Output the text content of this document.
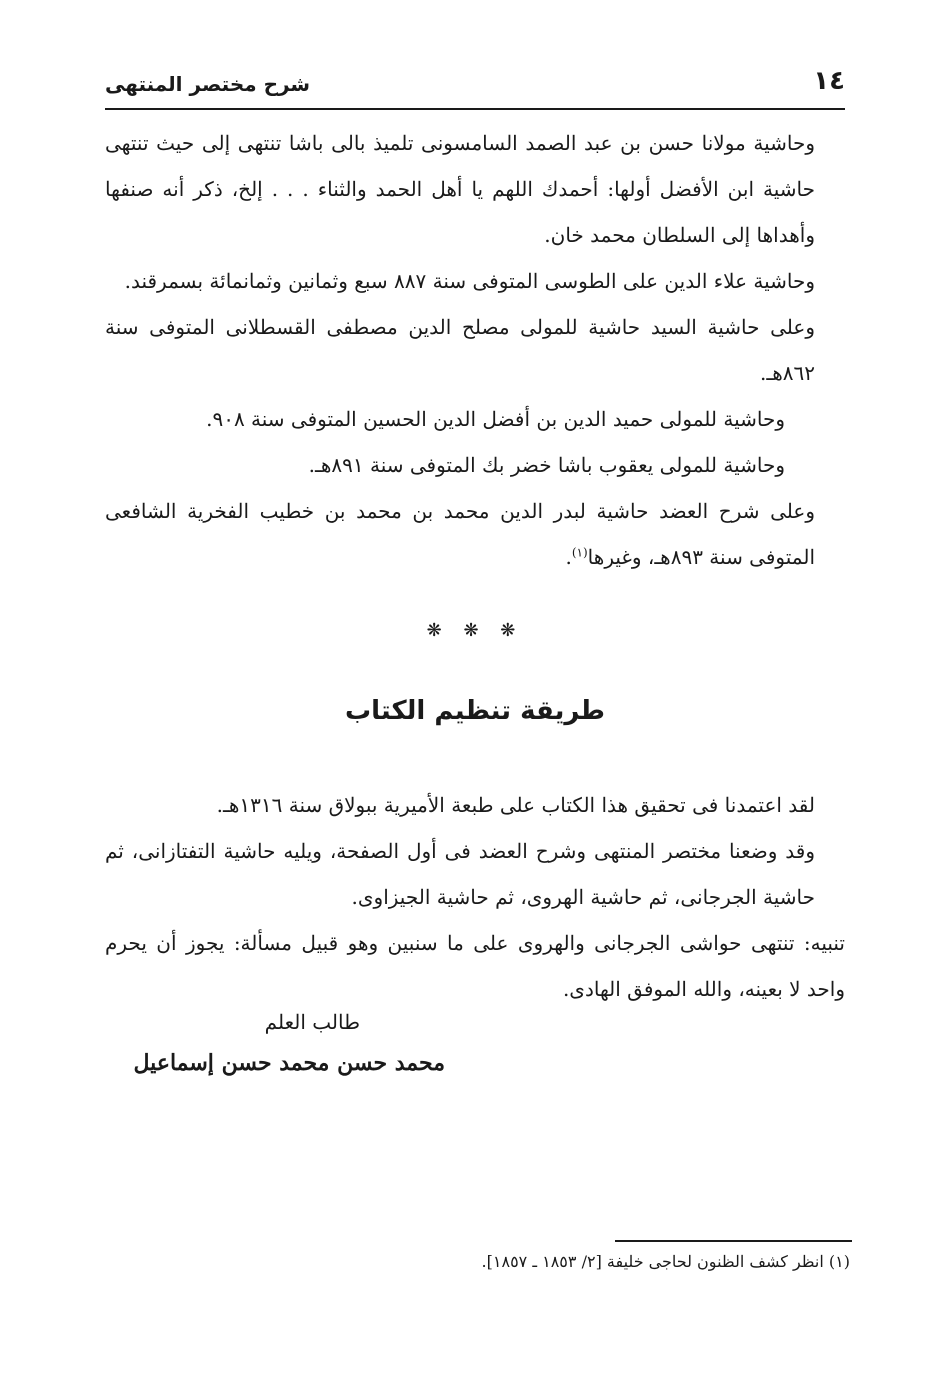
١٤
شرح مختصر المنتهى

وحاشية مولانا حسن بن عبد الصمد السامسونى تلميذ بالى باشا تنتهى إلى حيث تنتهى حاشية ابن الأفضل أولها: أحمدك اللهم يا أهل الحمد والثناء . . . إلخ، ذكر أنه صنفها وأهداها إلى السلطان محمد خان.

وحاشية علاء الدين على الطوسى المتوفى سنة ٨٨٧ سبع وثمانين وثمانمائة بسمرقند.

وعلى حاشية السيد حاشية للمولى مصلح الدين مصطفى القسطلانى المتوفى سنة ٨٦٢هـ.

وحاشية للمولى حميد الدين بن أفضل الدين الحسين المتوفى سنة ٩٠٨.

وحاشية للمولى يعقوب باشا خضر بك المتوفى سنة ٨٩١هـ.

وعلى شرح العضد حاشية لبدر الدين محمد بن محمد بن خطيب الفخرية الشافعى المتوفى سنة ٨٩٣هـ، وغيرها$^{(١)}$.

❋ ❋ ❋
طريقة تنظيم الكتاب

لقد اعتمدنا فى تحقيق هذا الكتاب على طبعة الأميرية ببولاق سنة ١٣١٦هـ.

وقد وضعنا مختصر المنتهى وشرح العضد فى أول الصفحة، ويليه حاشية التفتازانى، ثم حاشية الجرجانى، ثم حاشية الهروى، ثم حاشية الجيزاوى.

تنبيه: تنتهى حواشى الجرجانى والهروى على ما سنبين وهو قبيل مسألة: يجوز أن يحرم واحد لا بعينه، والله الموفق الهادى.

طالب العلم
محمد حسن محمد حسن إسماعيل
(١) انظر كشف الظنون لحاجى خليفة [٢/ ١٨٥٣ ـ ١٨٥٧].
